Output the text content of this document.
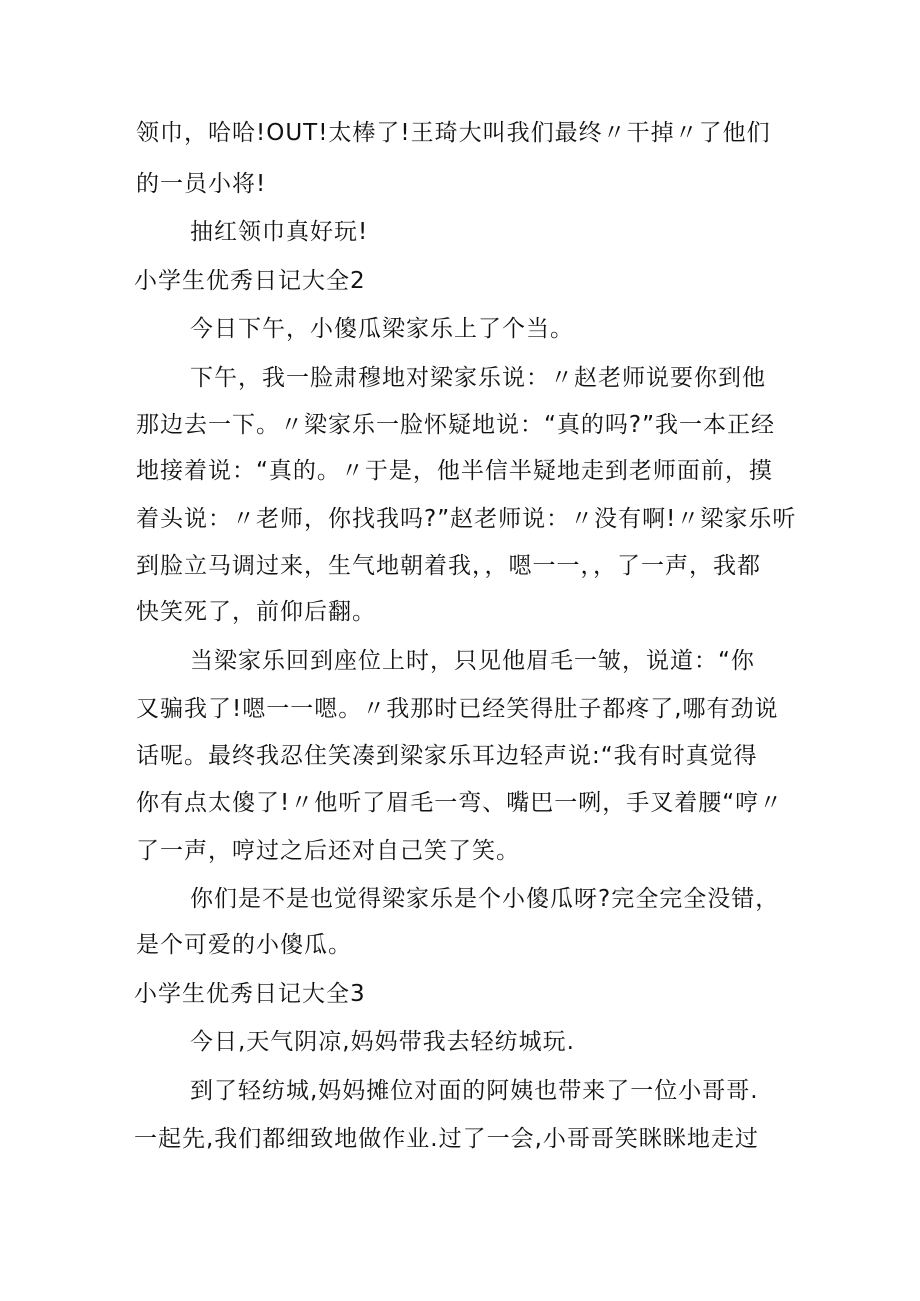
领巾，哈哈!OUT!太棒了!王琦大叫我们最终〃干掉〃了他们
的一员小将!
抽红领巾真好玩!
小学生优秀日记大全2
今日下午，小傻瓜梁家乐上了个当。
下午，我一脸肃穆地对梁家乐说：〃赵老师说要你到他
那边去一下。〃梁家乐一脸怀疑地说：“真的吗?”我一本正经
地接着说：“真的。〃于是，他半信半疑地走到老师面前，摸
着头说：〃老师，你找我吗?”赵老师说：〃没有啊!〃梁家乐听
到脸立马调过来，生气地朝着我，，嗯一一，，了一声，我都
快笑死了，前仰后翻。
当梁家乐回到座位上时，只见他眉毛一皱，说道：“你
又骗我了!嗯一一嗯。〃我那时已经笑得肚子都疼了,哪有劲说
话呢。最终我忍住笑凑到梁家乐耳边轻声说:“我有时真觉得
你有点太傻了!〃他听了眉毛一弯、嘴巴一咧，手叉着腰“哼〃
了一声，哼过之后还对自己笑了笑。
你们是不是也觉得梁家乐是个小傻瓜呀?完全完全没错，
是个可爱的小傻瓜。
小学生优秀日记大全3
今日,天气阴凉,妈妈带我去轻纺城玩.
到了轻纺城,妈妈摊位对面的阿姨也带来了一位小哥哥.
一起先,我们都细致地做作业.过了一会,小哥哥笑眯眯地走过
